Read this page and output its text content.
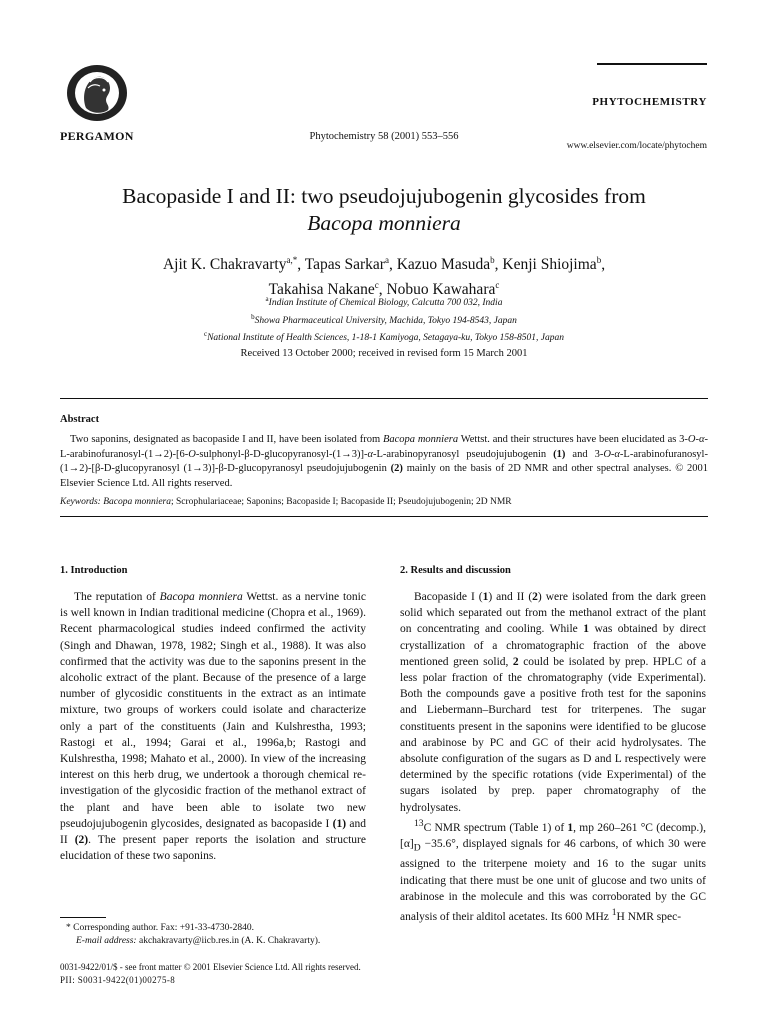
PERGAMON	Phytochemistry 58 (2001) 553–556
PHYTOCHEMISTRY
www.elsevier.com/locate/phytochem
Bacopaside I and II: two pseudojujubogenin glycosides from
Bacopa monniera
Ajit K. Chakravarty$^{a,*}$, Tapas Sarkar$^a$, Kazuo Masuda$^b$, Kenji Shiojima$^b$,
Takahisa Nakane$^c$, Nobuo Kawahara$^c$
$^a$Indian Institute of Chemical Biology, Calcutta 700 032, India
$^b$Showa Pharmaceutical University, Machida, Tokyo 194-8543, Japan
$^c$National Institute of Health Sciences, 1-18-1 Kamiyoga, Setagaya-ku, Tokyo 158-8501, Japan
Received 13 October 2000; received in revised form 15 March 2001
Abstract
Two saponins, designated as bacopaside I and II, have been isolated from Bacopa monniera Wettst. and their structures have been elucidated as 3-O-α-L-arabinofuranosyl-(1→2)-[6-O-sulphonyl-β-D-glucopyranosyl-(1→3)]-α-L-arabinopyranosyl pseudojujubogenin (1) and 3-O-α-L-arabinofuranosyl-(1→2)-[β-D-glucopyranosyl (1→3)]-β-D-glucopyranosyl pseudojujubogenin (2) mainly on the basis of 2D NMR and other spectral analyses. © 2001 Elsevier Science Ltd. All rights reserved.
Keywords: Bacopa monniera; Scrophulariaceae; Saponins; Bacopaside I; Bacopaside II; Pseudojujubogenin; 2D NMR
1. Introduction	2. Results and discussion

The reputation of Bacopa monniera Wettst. as a nervine tonic is well known in Indian traditional medicine (Chopra et al., 1969). Recent pharmacological studies indeed confirmed the activity (Singh and Dhawan, 1978, 1982; Singh et al., 1988). It was also confirmed that the activity was due to the saponins present in the alcoholic extract of the plant. Because of the presence of a large number of glycosidic constituents in the extract as an intimate mixture, two groups of workers could isolate and characterize only a part of the constituents (Jain and Kulshrestha, 1993; Rastogi et al., 1994; Garai et al., 1996a,b; Rastogi and Kulshrestha, 1998; Mahato et al., 2000). In view of the increasing interest on this herb drug, we undertook a thorough chemical re-investigation of the glycosidic fraction of the methanol extract of the plant and have been able to isolate two new pseudojujubogenin glycosides, designated as bacopaside I (1) and II (2). The present paper reports the isolation and structure elucidation of these two saponins.

Bacopaside I (1) and II (2) were isolated from the dark green solid which separated out from the methanol extract of the plant on concentrating and cooling. While 1 was obtained by direct crystallization of a chromatographic fraction of the above mentioned green solid, 2 could be isolated by prep. HPLC of a less polar fraction of the chromatography (vide Experimental). Both the compounds gave a positive froth test for the saponins and Liebermann–Burchard test for triterpenes. The sugar constituents present in the saponins were identified to be glucose and arabinose by PC and GC of their acid hydrolysates. The absolute configuration of the sugars as D and L respectively were determined by the specific rotations (vide Experimental) of the sugars isolated by prep. paper chromatography of the hydrolysates.

$^{13}$C NMR spectrum (Table 1) of 1, mp 260–261 °C (decomp.), $[\alpha]_D -35.6^\circ$, displayed signals for 46 carbons, of which 30 were assigned to the triterpene moiety and 16 to the sugar units indicating that there must be one unit of glucose and two units of arabinose in the molecule and this was corroborated by the GC analysis of their alditol acetates. Its 600 MHz $^1$H NMR spec-

* Corresponding author. Fax: +91-33-4730-2840.
E-mail address: akchakravarty@iicb.res.in (A. K. Chakravarty).
0031-9422/01/$ - see front matter © 2001 Elsevier Science Ltd. All rights reserved.
PII: S0031-9422(01)00275-8
